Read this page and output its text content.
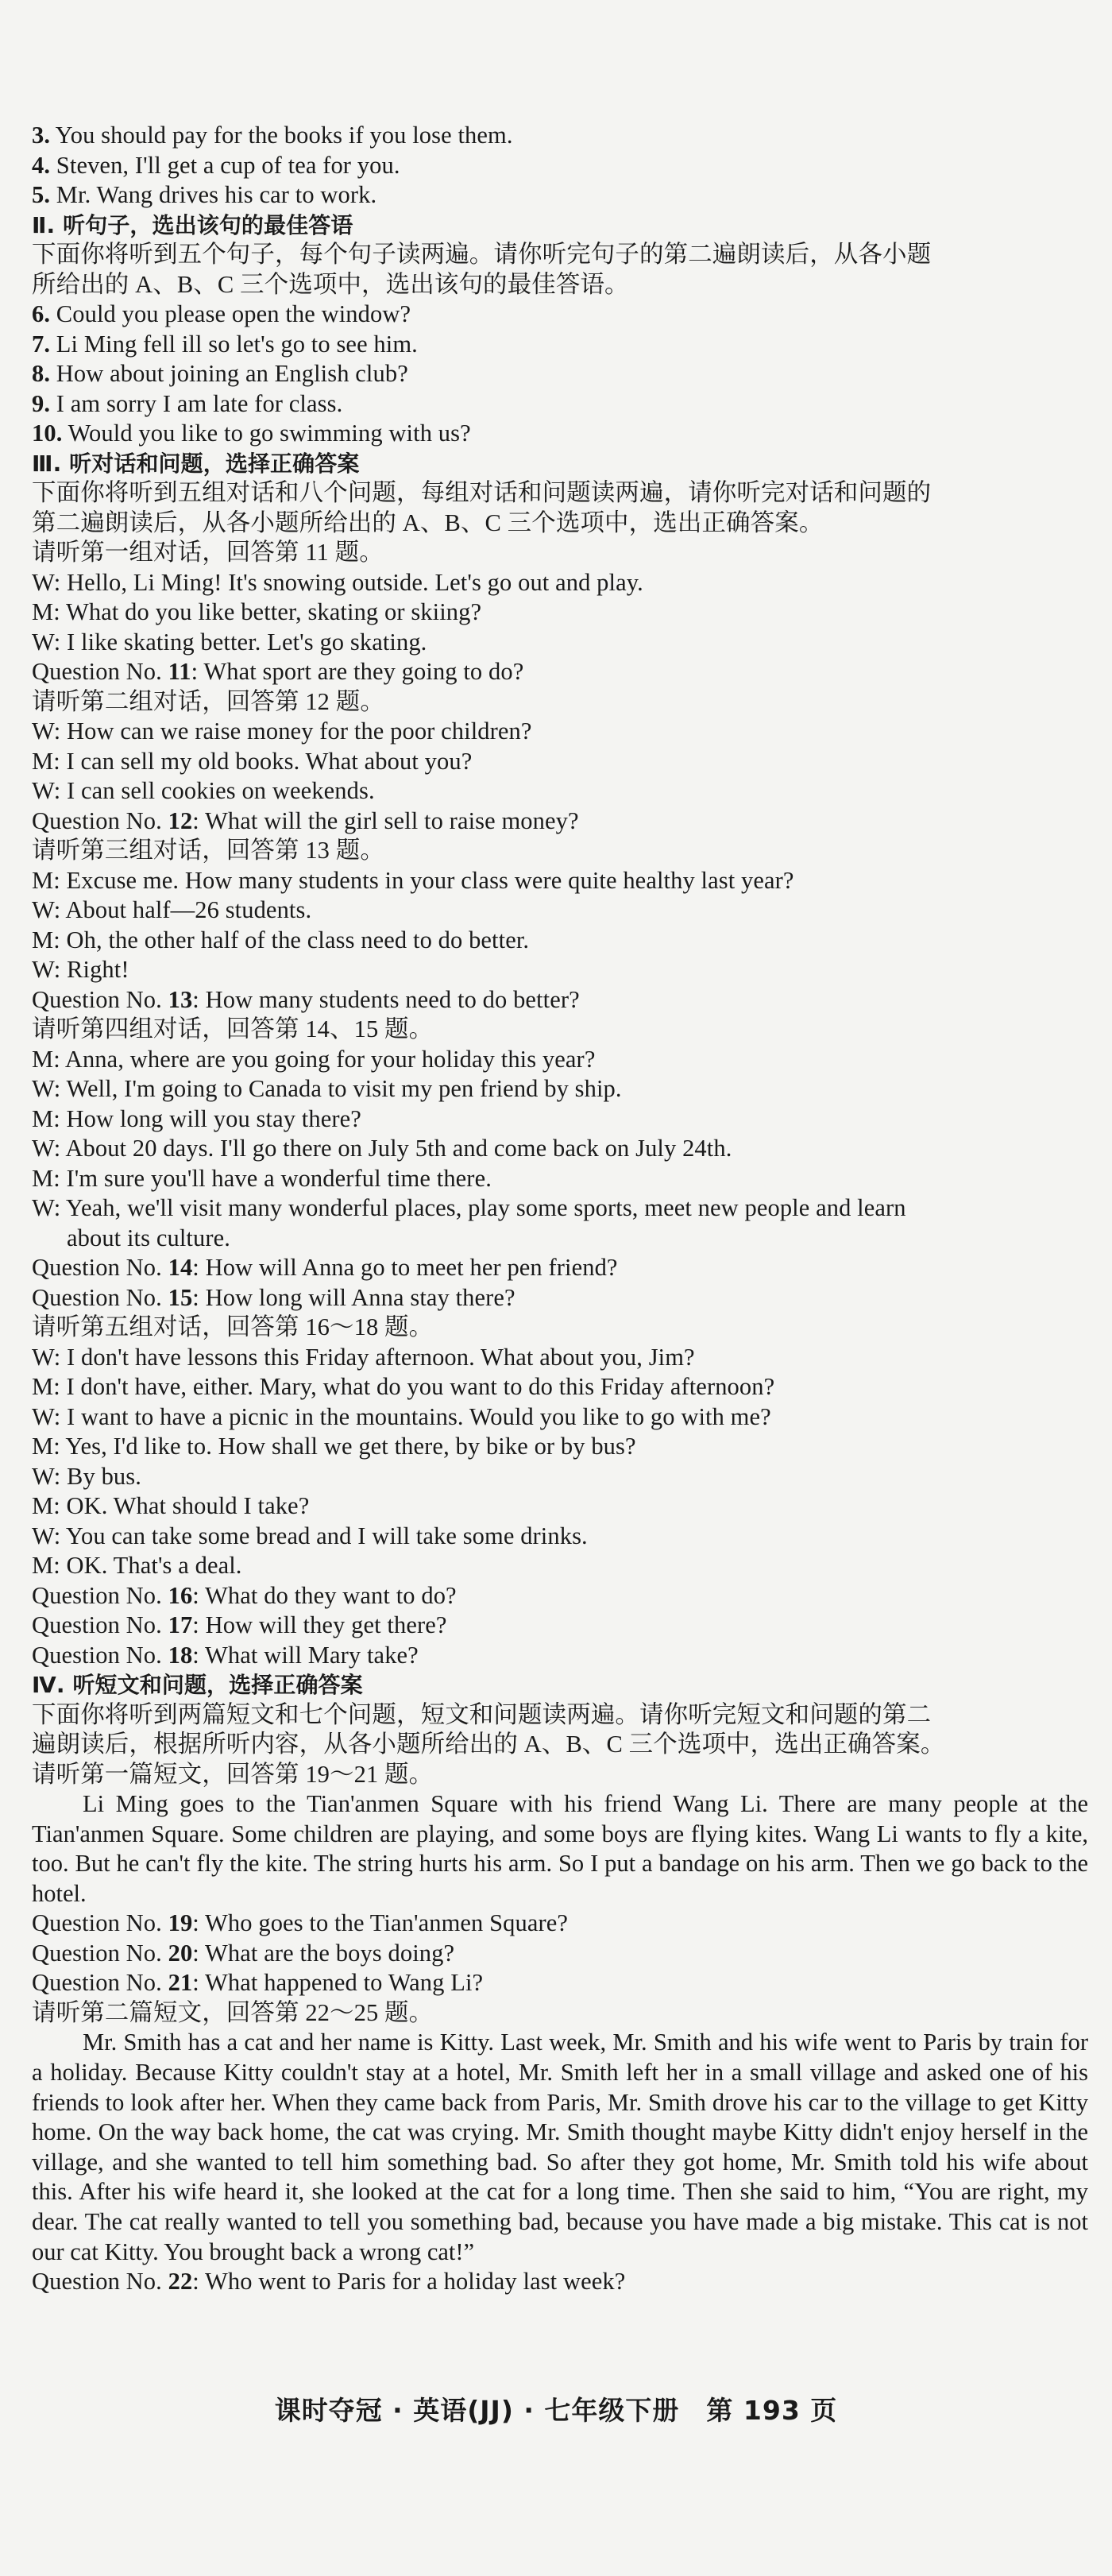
3. You should pay for the books if you lose them.
4. Steven, I'll get a cup of tea for you.
5. Mr. Wang drives his car to work.
Ⅱ. 听句子，选出该句的最佳答语
下面你将听到五个句子，每个句子读两遍。请你听完句子的第二遍朗读后，从各小题
所给出的 A、B、C 三个选项中，选出该句的最佳答语。
6. Could you please open the window?
7. Li Ming fell ill so let's go to see him.
8. How about joining an English club?
9. I am sorry I am late for class.
10. Would you like to go swimming with us?
Ⅲ. 听对话和问题，选择正确答案
下面你将听到五组对话和八个问题，每组对话和问题读两遍，请你听完对话和问题的
第二遍朗读后，从各小题所给出的 A、B、C 三个选项中，选出正确答案。
请听第一组对话，回答第 11 题。
W: Hello, Li Ming! It's snowing outside. Let's go out and play.
M: What do you like better, skating or skiing?
W: I like skating better. Let's go skating.
Question No. 11: What sport are they going to do?
请听第二组对话，回答第 12 题。
W: How can we raise money for the poor children?
M: I can sell my old books. What about you?
W: I can sell cookies on weekends.
Question No. 12: What will the girl sell to raise money?
请听第三组对话，回答第 13 题。
M: Excuse me. How many students in your class were quite healthy last year?
W: About half—26 students.
M: Oh, the other half of the class need to do better.
W: Right!
Question No. 13: How many students need to do better?
请听第四组对话，回答第 14、15 题。
M: Anna, where are you going for your holiday this year?
W: Well, I'm going to Canada to visit my pen friend by ship.
M: How long will you stay there?
W: About 20 days. I'll go there on July 5th and come back on July 24th.
M: I'm sure you'll have a wonderful time there.
W: Yeah, we'll visit many wonderful places, play some sports, meet new people and learn
about its culture.
Question No. 14: How will Anna go to meet her pen friend?
Question No. 15: How long will Anna stay there?
请听第五组对话，回答第 16～18 题。
W: I don't have lessons this Friday afternoon. What about you, Jim?
M: I don't have, either. Mary, what do you want to do this Friday afternoon?
W: I want to have a picnic in the mountains. Would you like to go with me?
M: Yes, I'd like to. How shall we get there, by bike or by bus?
W: By bus.
M: OK. What should I take?
W: You can take some bread and I will take some drinks.
M: OK. That's a deal.
Question No. 16: What do they want to do?
Question No. 17: How will they get there?
Question No. 18: What will Mary take?
Ⅳ. 听短文和问题，选择正确答案
下面你将听到两篇短文和七个问题，短文和问题读两遍。请你听完短文和问题的第二
遍朗读后，根据所听内容，从各小题所给出的 A、B、C 三个选项中，选出正确答案。
请听第一篇短文，回答第 19～21 题。
Li Ming goes to the Tian'anmen Square with his friend Wang Li. There are many people at the Tian'anmen Square. Some children are playing, and some boys are flying kites. Wang Li wants to fly a kite, too. But he can't fly the kite. The string hurts his arm. So I put a bandage on his arm. Then we go back to the hotel.
Question No. 19: Who goes to the Tian'anmen Square?
Question No. 20: What are the boys doing?
Question No. 21: What happened to Wang Li?
请听第二篇短文，回答第 22～25 题。
Mr. Smith has a cat and her name is Kitty. Last week, Mr. Smith and his wife went to Paris by train for a holiday. Because Kitty couldn't stay at a hotel, Mr. Smith left her in a small village and asked one of his friends to look after her. When they came back from Paris, Mr. Smith drove his car to the village to get Kitty home. On the way back home, the cat was crying. Mr. Smith thought maybe Kitty didn't enjoy herself in the village, and she wanted to tell him something bad. So after they got home, Mr. Smith told his wife about this. After his wife heard it, she looked at the cat for a long time. Then she said to him, “You are right, my dear. The cat really wanted to tell you something bad, because you have made a big mistake. This cat is not our cat Kitty. You brought back a wrong cat!”
Question No. 22: Who went to Paris for a holiday last week?
课时夺冠 · 英语(JJ) · 七年级下册　第 193 页
